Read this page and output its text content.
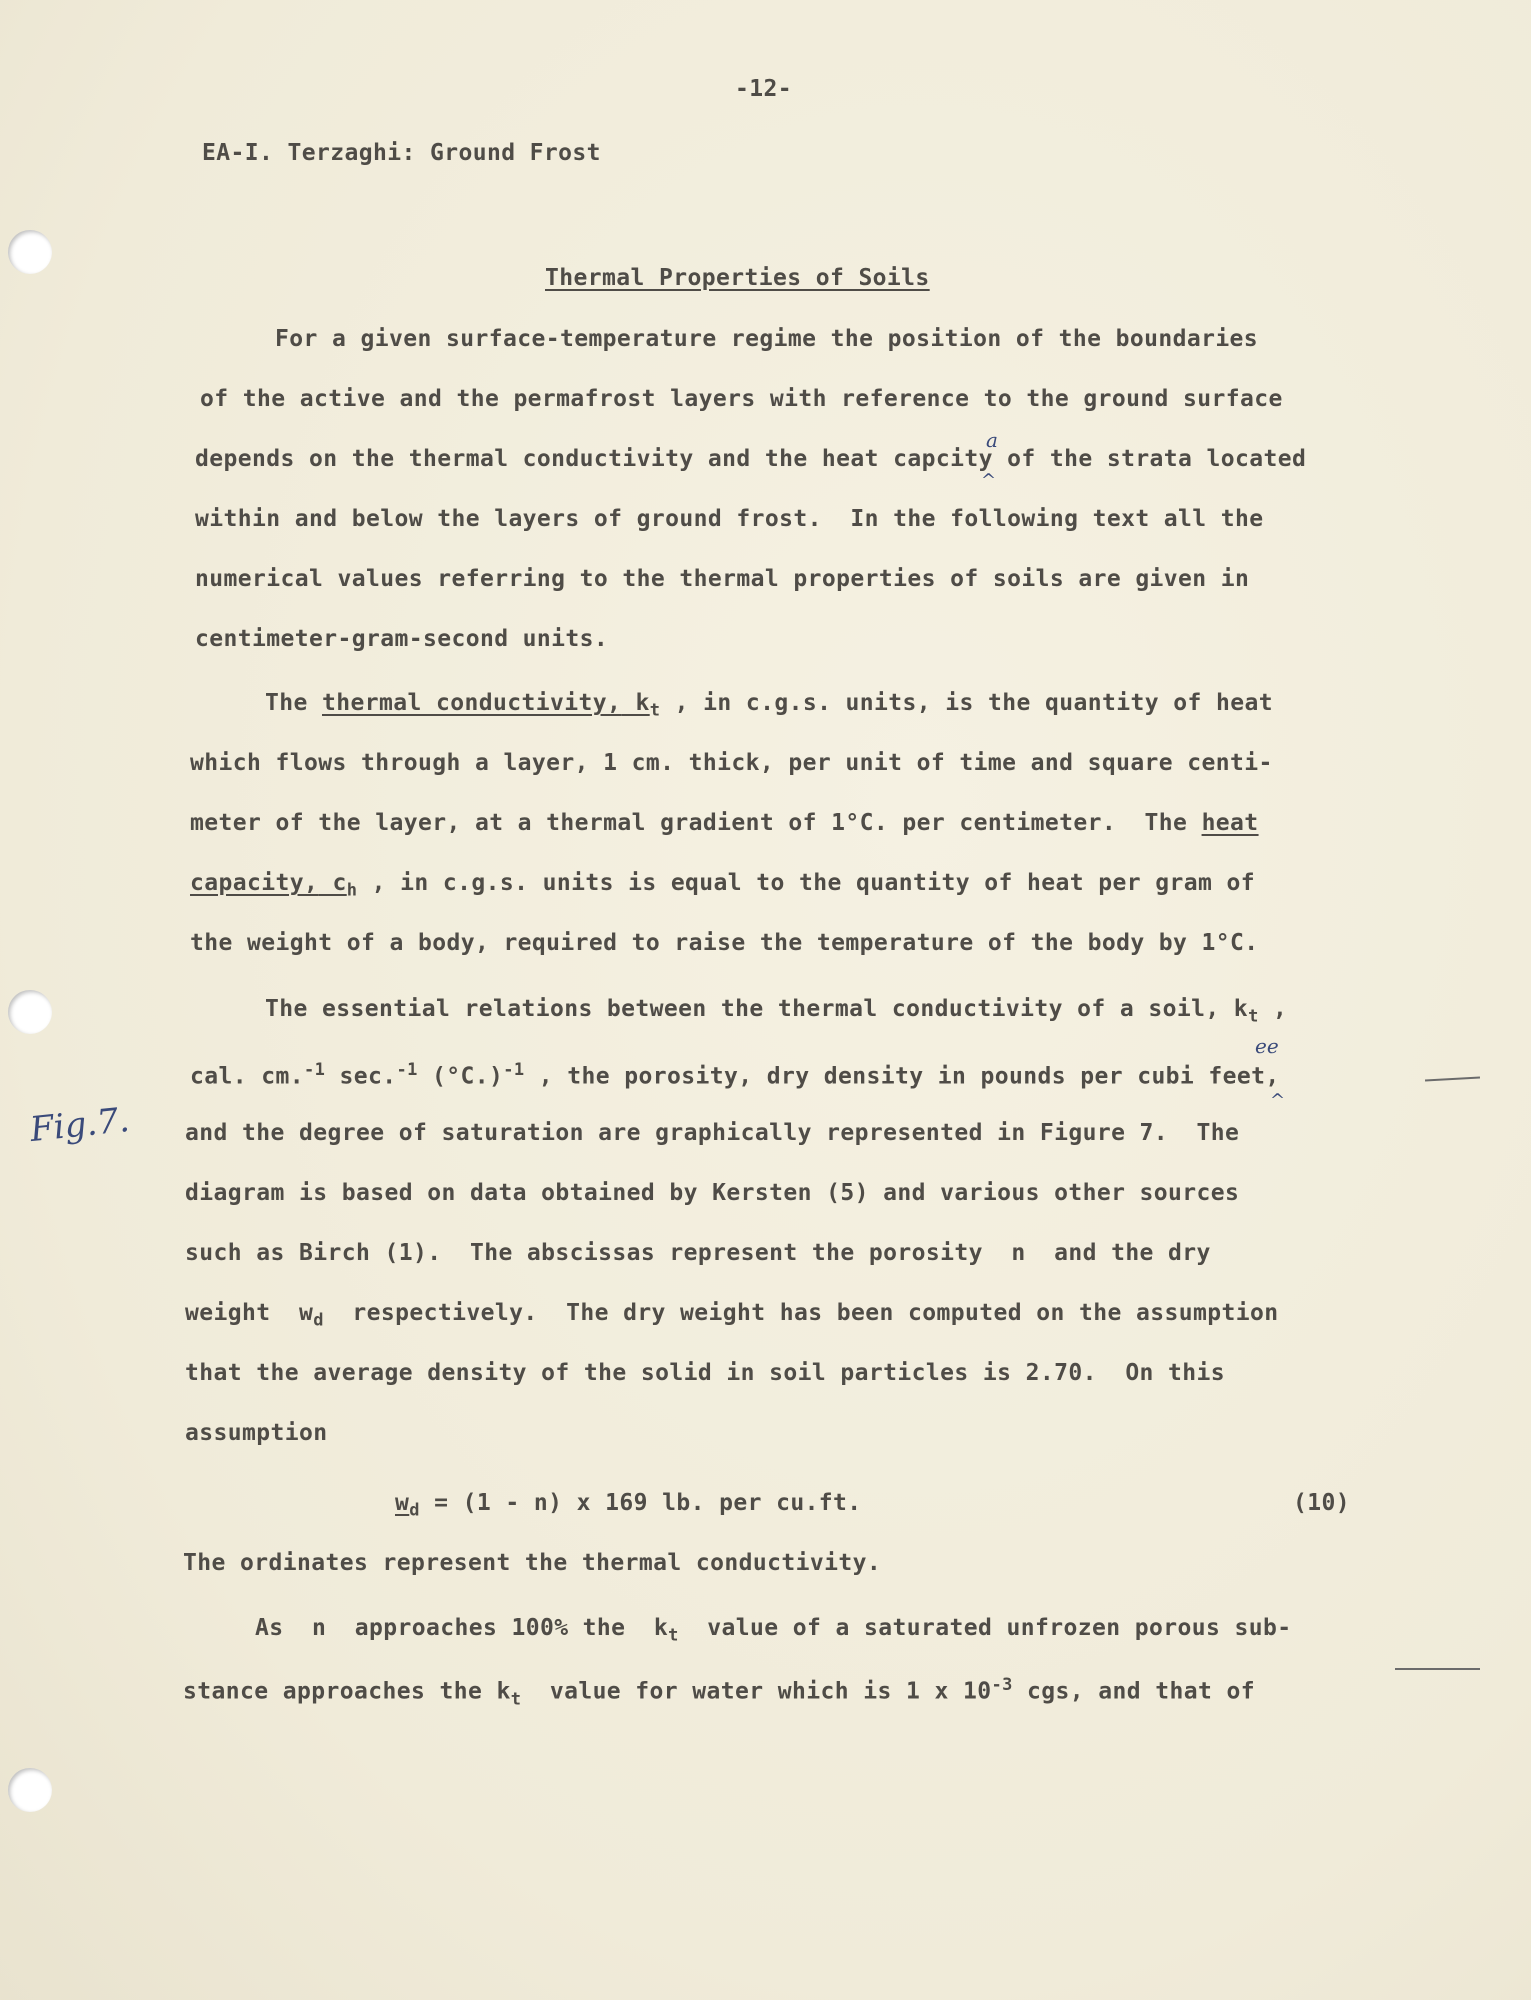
-12-
EA-I. Terzaghi: Ground Frost
Thermal Properties of Soils
For a given surface-temperature regime the position of the boundaries
of the active and the permafrost layers with reference to the ground surface
depends on the thermal conductivity and the heat capcity of the strata located
within and below the layers of ground frost.  In the following text all the
numerical values referring to the thermal properties of soils are given in
centimeter-gram-second units.
The thermal conductivity, $k_t$ , in c.g.s. units, is the quantity of heat
which flows through a layer, 1 cm. thick, per unit of time and square centi-
meter of the layer, at a thermal gradient of 1°C. per centimeter.  The heat
capacity, $c_h$ , in c.g.s. units is equal to the quantity of heat per gram of
the weight of a body, required to raise the temperature of the body by 1°C.
The essential relations between the thermal conductivity of a soil, $k_t$ ,
cal. cm.$^{-1}$ sec.$^{-1}$ $(^\circ C.)^{-1}$ , the porosity, dry density in pounds per cubi feet,
and the degree of saturation are graphically represented in Figure 7.  The
diagram is based on data obtained by Kersten (5) and various other sources
such as Birch (1).  The abscissas represent the porosity  n  and the dry
weight  $w_d$  respectively.  The dry weight has been computed on the assumption
that the average density of the solid in soil particles is 2.70.  On this
assumption
$w_d = (1 - n)$ x 169 lb. per cu.ft.	(10)
The ordinates represent the thermal conductivity.
As  n  approaches 100% the  $k_t$  value of a saturated unfrozen porous sub-
stance approaches the $k_t$  value for water which is 1 x $10^{-3}$ cgs, and that of
Fig.7.
a
^
ee
^
